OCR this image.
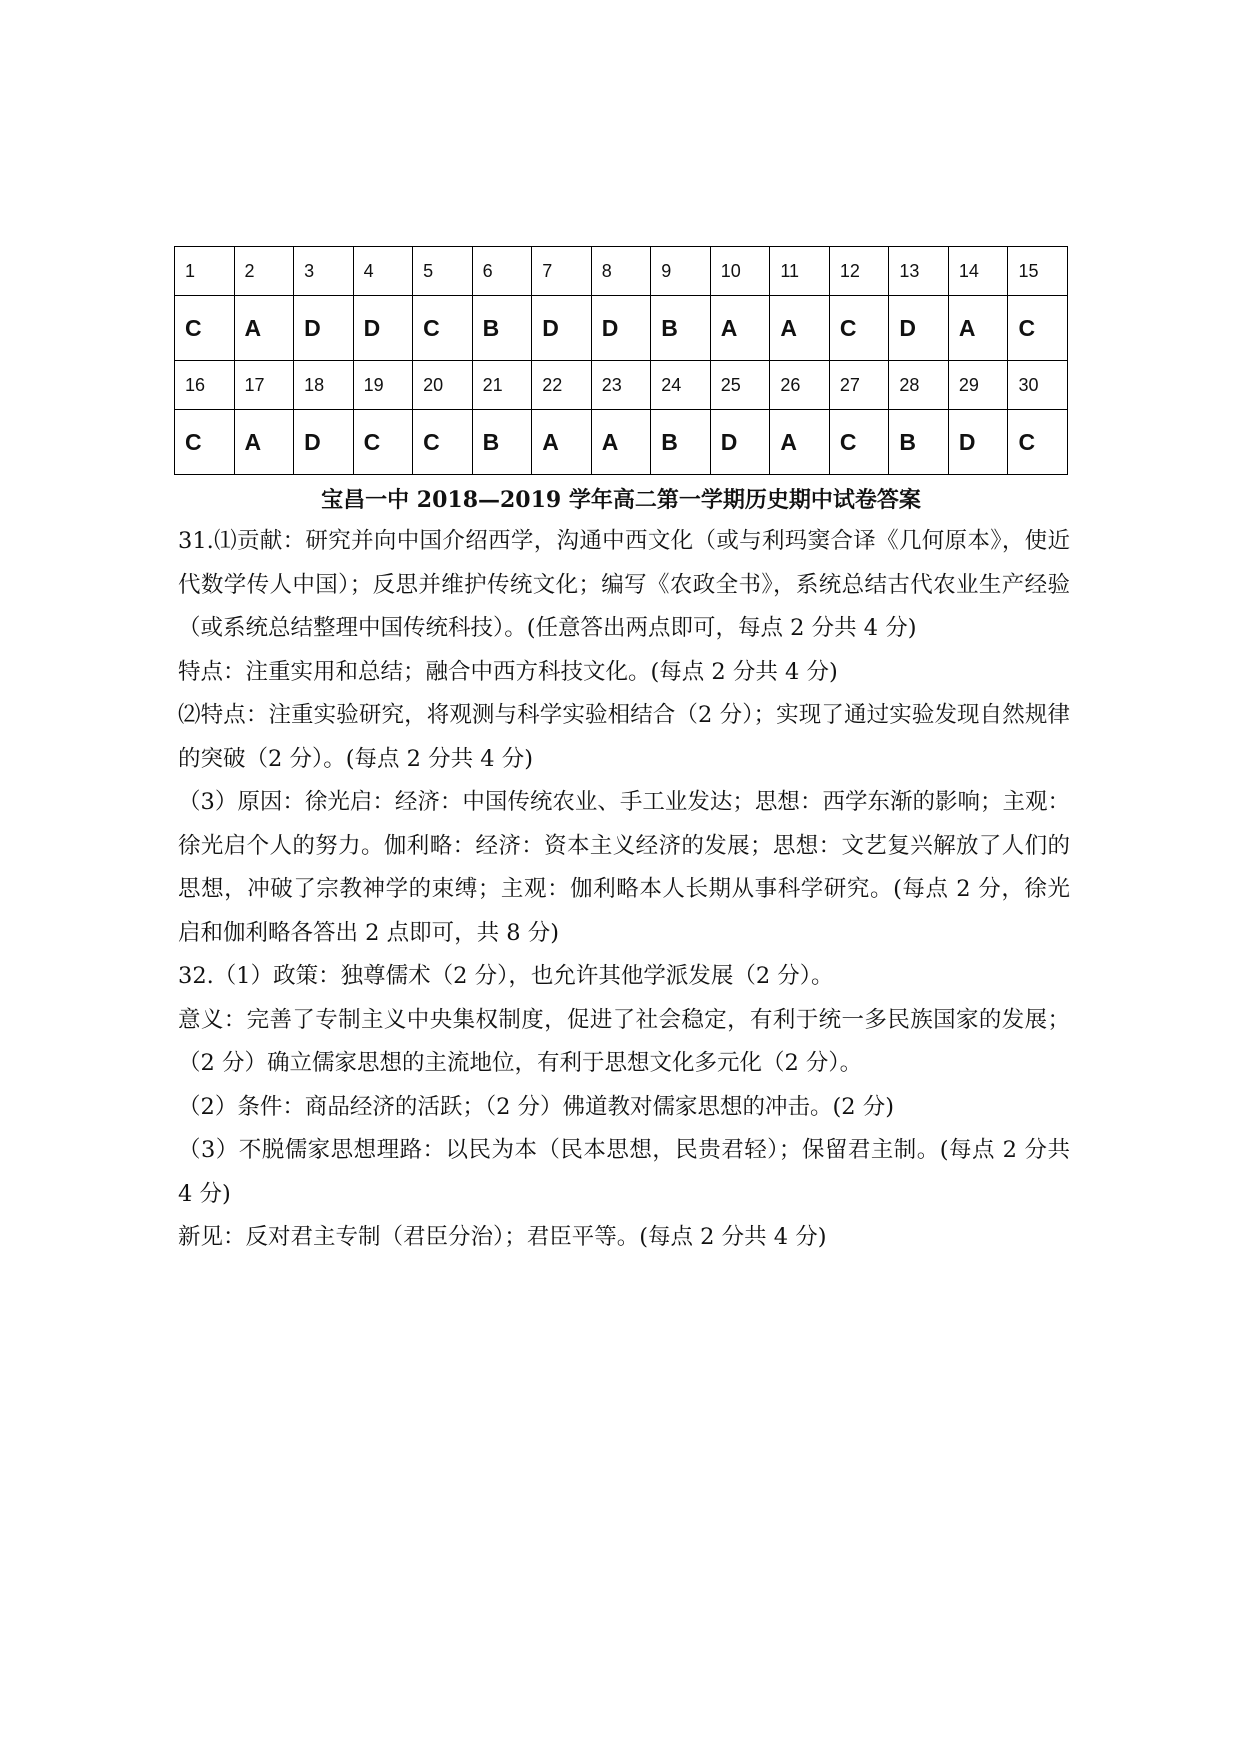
1	2	3	4	5	6	7	8	9	10	11	12	13	14	15
C	A	D	D	C	B	D	D	B	A	A	C	D	A	C
16	17	18	19	20	21	22	23	24	25	26	27	28	29	30
C	A	D	C	C	B	A	A	B	D	A	C	B	D	C
宝昌一中 2018—2019 学年高二第一学期历史期中试卷答案

31.⑴贡献：研究并向中国介绍西学，沟通中西文化（或与利玛窦合译《几何原本》，使近代数学传人中国）；反思并维护传统文化；编写《农政全书》，系统总结古代农业生产经验（或系统总结整理中国传统科技）。(任意答出两点即可，每点 2 分共 4 分)

特点：注重实用和总结；融合中西方科技文化。(每点 2 分共 4 分)

⑵特点：注重实验研究，将观测与科学实验相结合（2 分）；实现了通过实验发现自然规律的突破（2 分）。(每点 2 分共 4 分)

（3）原因：徐光启：经济：中国传统农业、手工业发达；思想：西学东渐的影响；主观：徐光启个人的努力。伽利略：经济：资本主义经济的发展；思想：文艺复兴解放了人们的思想，冲破了宗教神学的束缚；主观：伽利略本人长期从事科学研究。(每点 2 分，徐光启和伽利略各答出 2 点即可，共 8 分)

32.（1）政策：独尊儒术（2 分），也允许其他学派发展（2 分）。

意义：完善了专制主义中央集权制度，促进了社会稳定，有利于统一多民族国家的发展；（2 分）确立儒家思想的主流地位，有利于思想文化多元化（2 分）。

（2）条件：商品经济的活跃；（2 分）佛道教对儒家思想的冲击。(2 分)

（3）不脱儒家思想理路：以民为本（民本思想，民贵君轻）；保留君主制。(每点 2 分共 4 分)

新见：反对君主专制（君臣分治）；君臣平等。(每点 2 分共 4 分)
